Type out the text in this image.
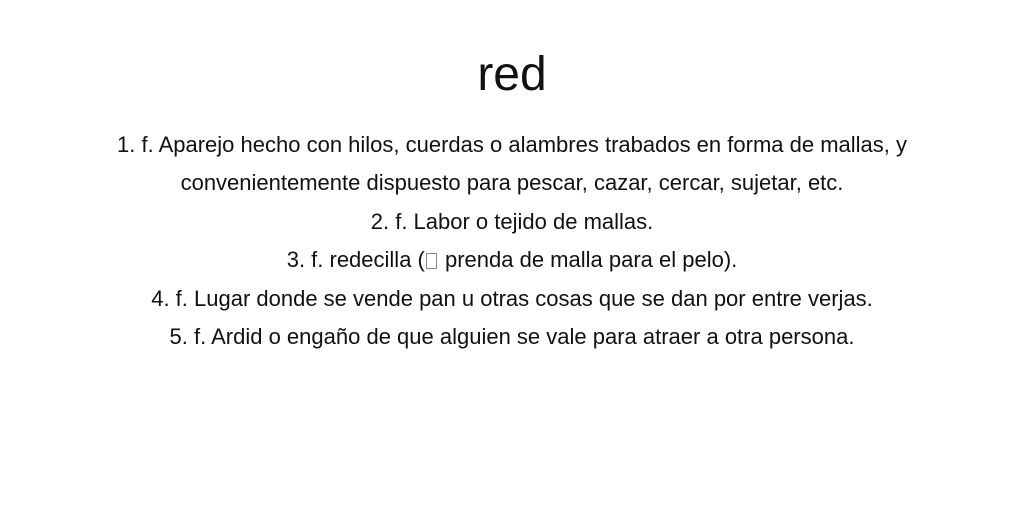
red
1. f. Aparejo hecho con hilos, cuerdas o alambres trabados en forma de mallas, y convenientemente dispuesto para pescar, cazar, cercar, sujetar, etc.
2. f. Labor o tejido de mallas.
3. f. redecilla ( prenda de malla para el pelo).
4. f. Lugar donde se vende pan u otras cosas que se dan por entre verjas.
5. f. Ardid o engaño de que alguien se vale para atraer a otra persona.
